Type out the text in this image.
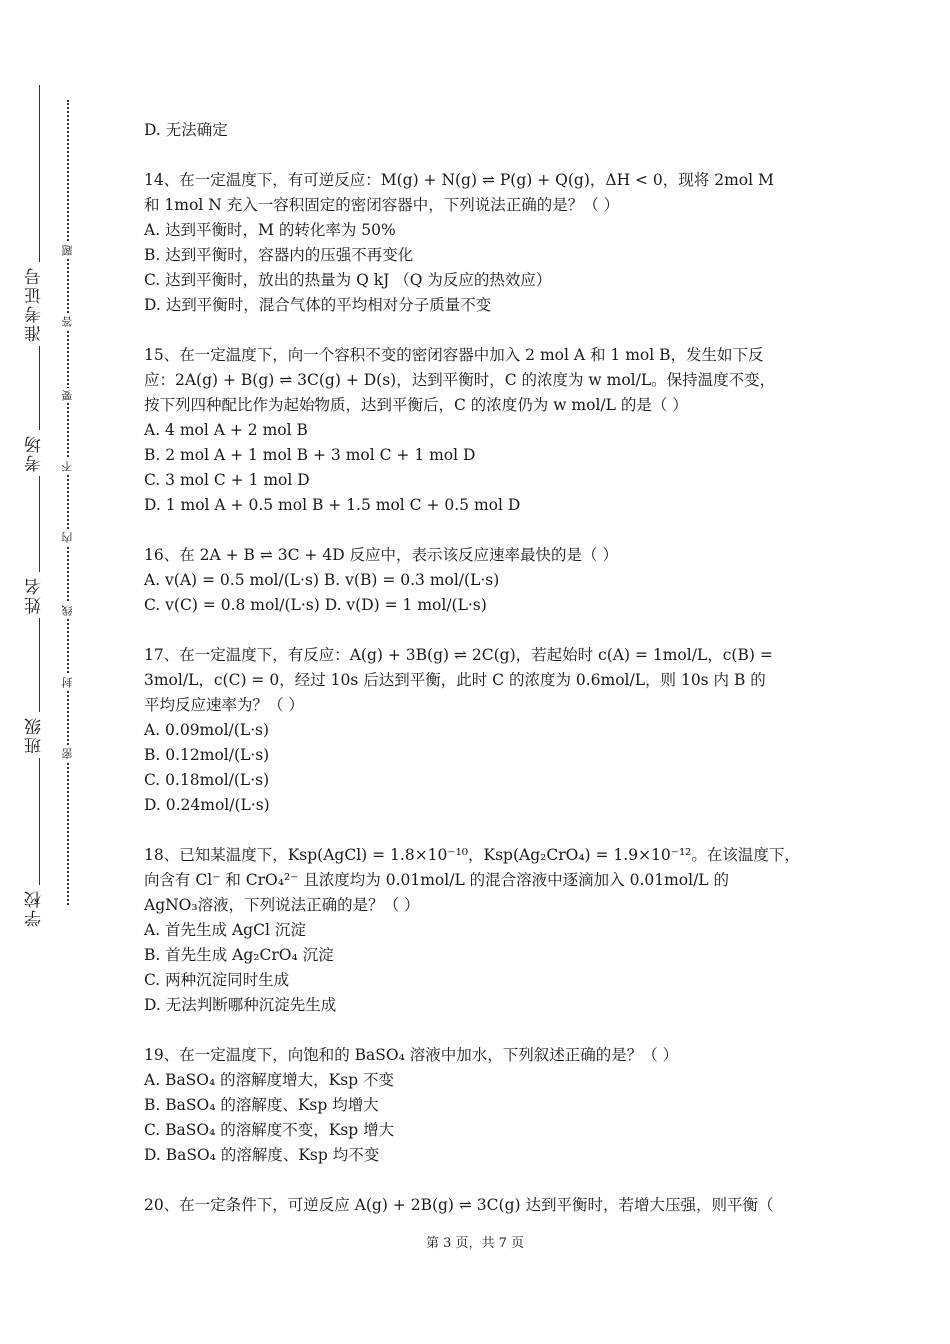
准考证号
考场
姓名
班级
学校
题
答
要
不
内
线
封
密
D. 无法确定
14、在一定温度下，有可逆反应：M(g) + N(g) ⇌ P(g) + Q(g)，ΔH < 0，现将 2mol M
和 1mol N 充入一容积固定的密闭容器中，下列说法正确的是？（ ）
A. 达到平衡时，M 的转化率为 50%
B. 达到平衡时，容器内的压强不再变化
C. 达到平衡时，放出的热量为 Q kJ （Q 为反应的热效应）
D. 达到平衡时，混合气体的平均相对分子质量不变
15、在一定温度下，向一个容积不变的密闭容器中加入 2 mol A 和 1 mol B，发生如下反
应：2A(g) + B(g) ⇌ 3C(g) + D(s)，达到平衡时，C 的浓度为 w mol/L。保持温度不变，
按下列四种配比作为起始物质，达到平衡后，C 的浓度仍为 w mol/L 的是（ ）
A. 4 mol A + 2 mol B
B. 2 mol A + 1 mol B + 3 mol C + 1 mol D
C. 3 mol C + 1 mol D
D. 1 mol A + 0.5 mol B + 1.5 mol C + 0.5 mol D
16、在 2A + B ⇌ 3C + 4D 反应中，表示该反应速率最快的是（ ）
A. v(A) = 0.5 mol/(L·s) B. v(B) = 0.3 mol/(L·s)
C. v(C) = 0.8 mol/(L·s) D. v(D) = 1 mol/(L·s)
17、在一定温度下，有反应：A(g) + 3B(g) ⇌ 2C(g)，若起始时 c(A) = 1mol/L，c(B) =
3mol/L，c(C) = 0，经过 10s 后达到平衡，此时 C 的浓度为 0.6mol/L，则 10s 内 B 的
平均反应速率为？（ ）
A. 0.09mol/(L·s)
B. 0.12mol/(L·s)
C. 0.18mol/(L·s)
D. 0.24mol/(L·s)
18、已知某温度下，Ksp(AgCl) = 1.8×10⁻¹⁰，Ksp(Ag₂CrO₄) = 1.9×10⁻¹²。在该温度下，
向含有 Cl⁻ 和 CrO₄²⁻ 且浓度均为 0.01mol/L 的混合溶液中逐滴加入 0.01mol/L 的
AgNO₃溶液，下列说法正确的是？（ ）
A. 首先生成 AgCl 沉淀
B. 首先生成 Ag₂CrO₄ 沉淀
C. 两种沉淀同时生成
D. 无法判断哪种沉淀先生成
19、在一定温度下，向饱和的 BaSO₄ 溶液中加水，下列叙述正确的是？（ ）
A. BaSO₄ 的溶解度增大，Ksp 不变
B. BaSO₄ 的溶解度、Ksp 均增大
C. BaSO₄ 的溶解度不变，Ksp 增大
D. BaSO₄ 的溶解度、Ksp 均不变
20、在一定条件下，可逆反应 A(g) + 2B(g) ⇌ 3C(g) 达到平衡时，若增大压强，则平衡（
第 3 页，共 7 页
